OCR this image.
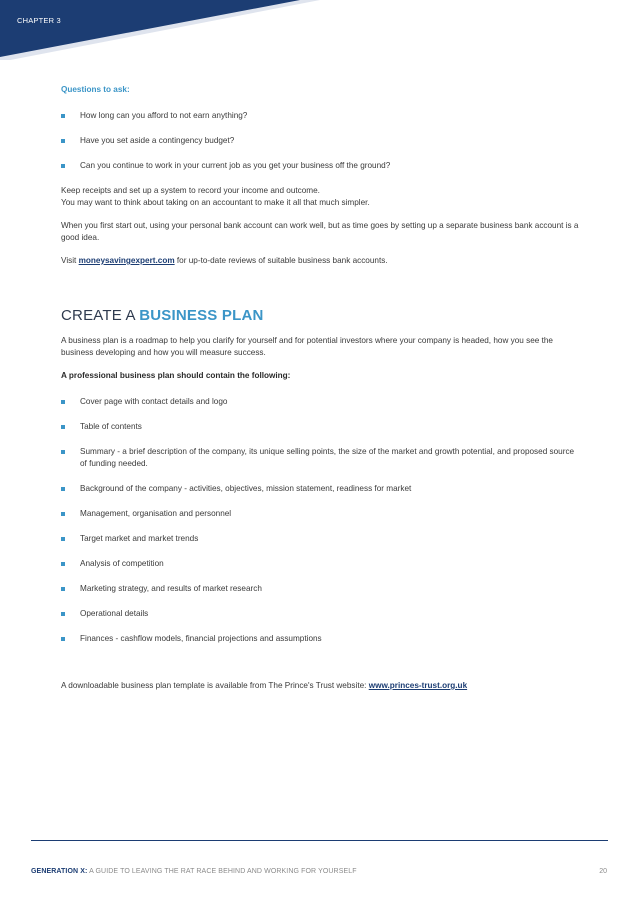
CHAPTER 3
Questions to ask:
How long can you afford to not earn anything?
Have you set aside a contingency budget?
Can you continue to work in your current job as you get your business off the ground?

Keep receipts and set up a system to record your income and outcome.
You may want to think about taking on an accountant to make it all that much simpler.

When you first start out, using your personal bank account can work well, but as time goes by setting up a separate business bank account is a good idea.

Visit moneysavingexpert.com for up-to-date reviews of suitable business bank accounts.

CREATE A BUSINESS PLAN

A business plan is a roadmap to help you clarify for yourself and for potential investors where your company is headed, how you see the business developing and how you will measure success.

A professional business plan should contain the following:
Cover page with contact details and logo
Table of contents
Summary - a brief description of the company, its unique selling points, the size of the market and growth potential, and proposed source of funding needed.
Background of the company - activities, objectives, mission statement, readiness for market
Management, organisation and personnel
Target market and market trends
Analysis of competition
Marketing strategy, and results of market research
Operational details
Finances - cashflow models, financial projections and assumptions

A downloadable business plan template is available from The Prince's Trust website: www.princes-trust.org.uk

GENERATION X: A GUIDE TO LEAVING THE RAT RACE BEHIND AND WORKING FOR YOURSELF	20
